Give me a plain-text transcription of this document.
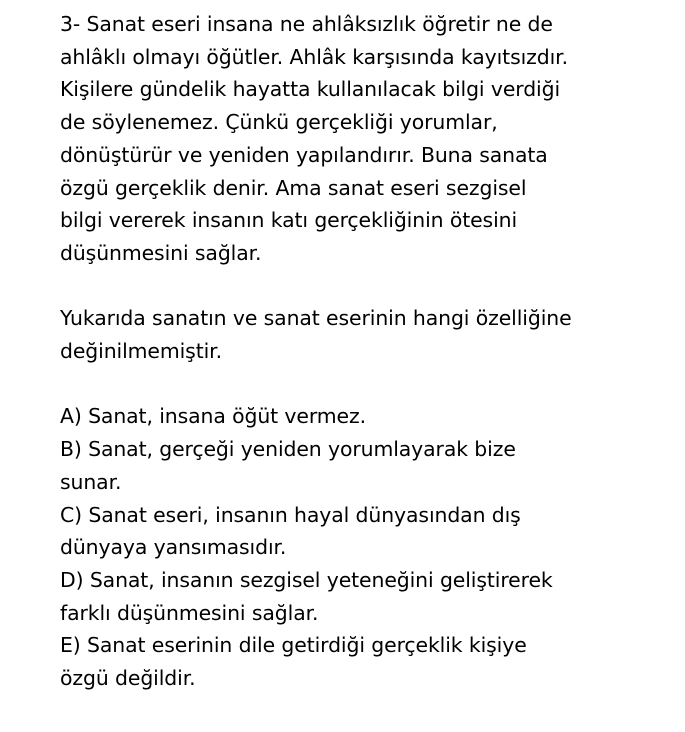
3- Sanat eseri insana ne ahlâksızlık öğretir ne de
ahlâklı olmayı öğütler. Ahlâk karşısında kayıtsızdır.
Kişilere gündelik hayatta kullanılacak bilgi verdiği
de söylenemez. Çünkü gerçekliği yorumlar,
dönüştürür ve yeniden yapılandırır. Buna sanata
özgü gerçeklik denir. Ama sanat eseri sezgisel
bilgi vererek insanın katı gerçekliğinin ötesini
düşünmesini sağlar.

Yukarıda sanatın ve sanat eserinin hangi özelliğine
değinilmemiştir.

A) Sanat, insana öğüt vermez.

B) Sanat, gerçeği yeniden yorumlayarak bize
sunar.

C) Sanat eseri, insanın hayal dünyasından dış
dünyaya yansımasıdır.

D) Sanat, insanın sezgisel yeteneğini geliştirerek
farklı düşünmesini sağlar.

E) Sanat eserinin dile getirdiği gerçeklik kişiye
özgü değildir.
